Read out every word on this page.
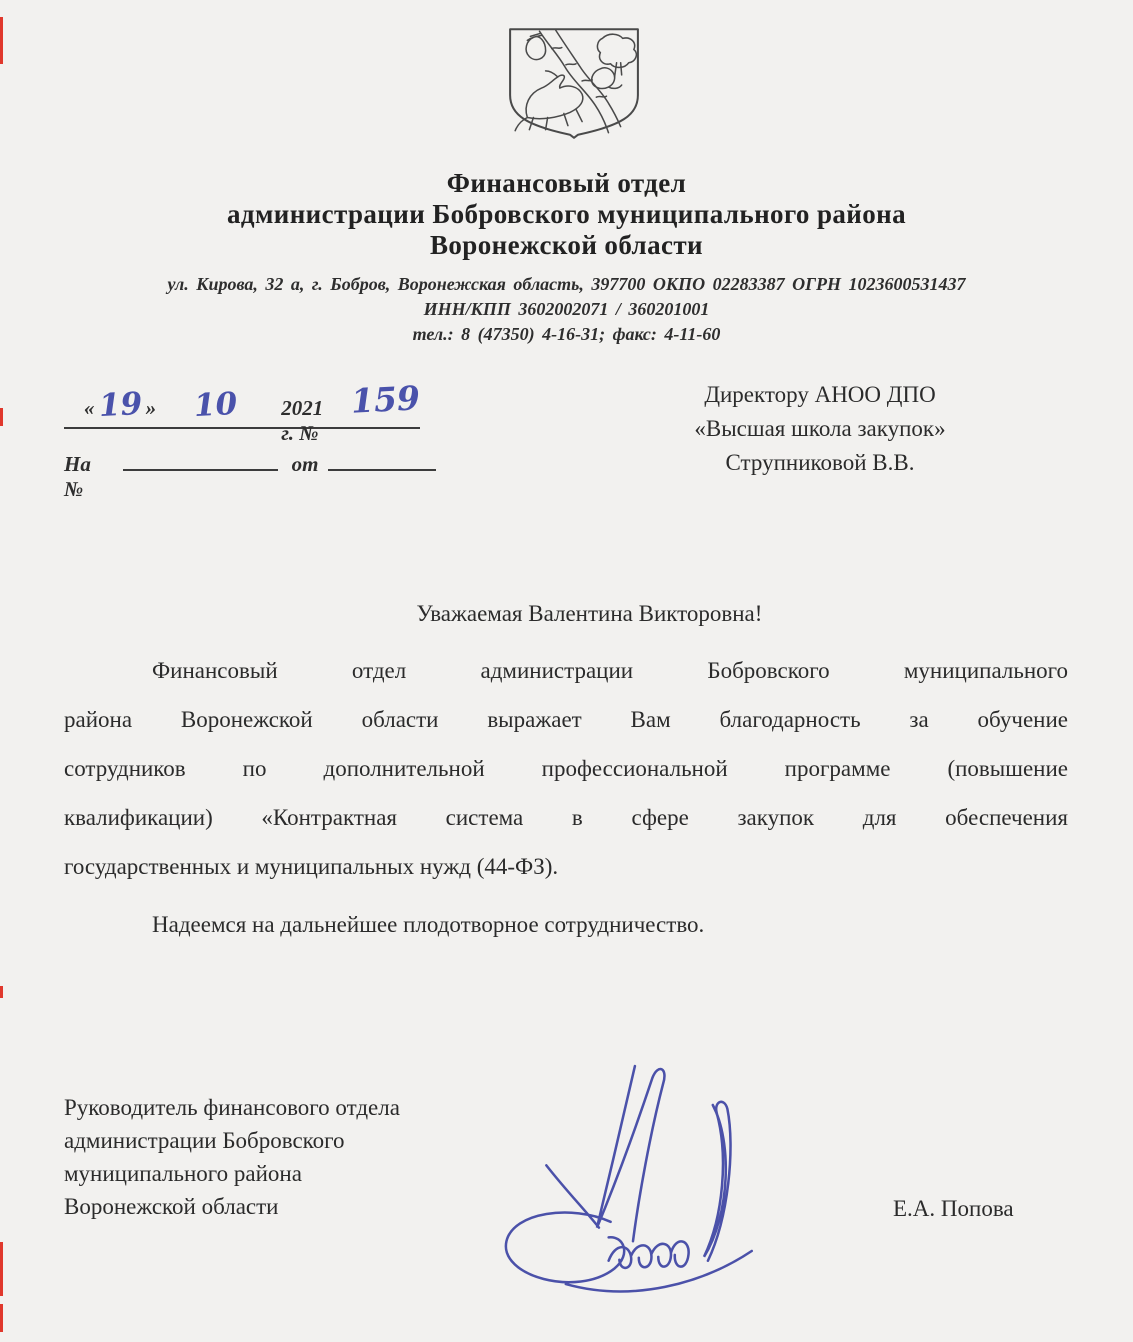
Финансовый отдел
администрации Бобровского муниципального района
Воронежской области
ул. Кирова, 32 а, г. Бобров, Воронежская область, 397700 ОКПО 02283387 ОГРН 1023600531437
ИНН/КПП 3602002071 / 360201001
тел.: 8 (47350) 4-16-31; факс: 4-11-60
« 19 » 10 2021 г. №
159
На №
от
Директору АНОО ДПО
«Высшая школа закупок»
Струпниковой В.В.
Уважаемая Валентина Викторовна!
Финансовый отдел администрации Бобровского муниципального
района Воронежской области выражает Вам благодарность за обучение
сотрудников по дополнительной профессиональной программе (повышение
квалификации) «Контрактная система в сфере закупок для обеспечения
государственных и муниципальных нужд (44-ФЗ).
Надеемся на дальнейшее плодотворное сотрудничество.
Руководитель финансового отдела
администрации Бобровского
муниципального района
Воронежской области	Е.А. Попова
